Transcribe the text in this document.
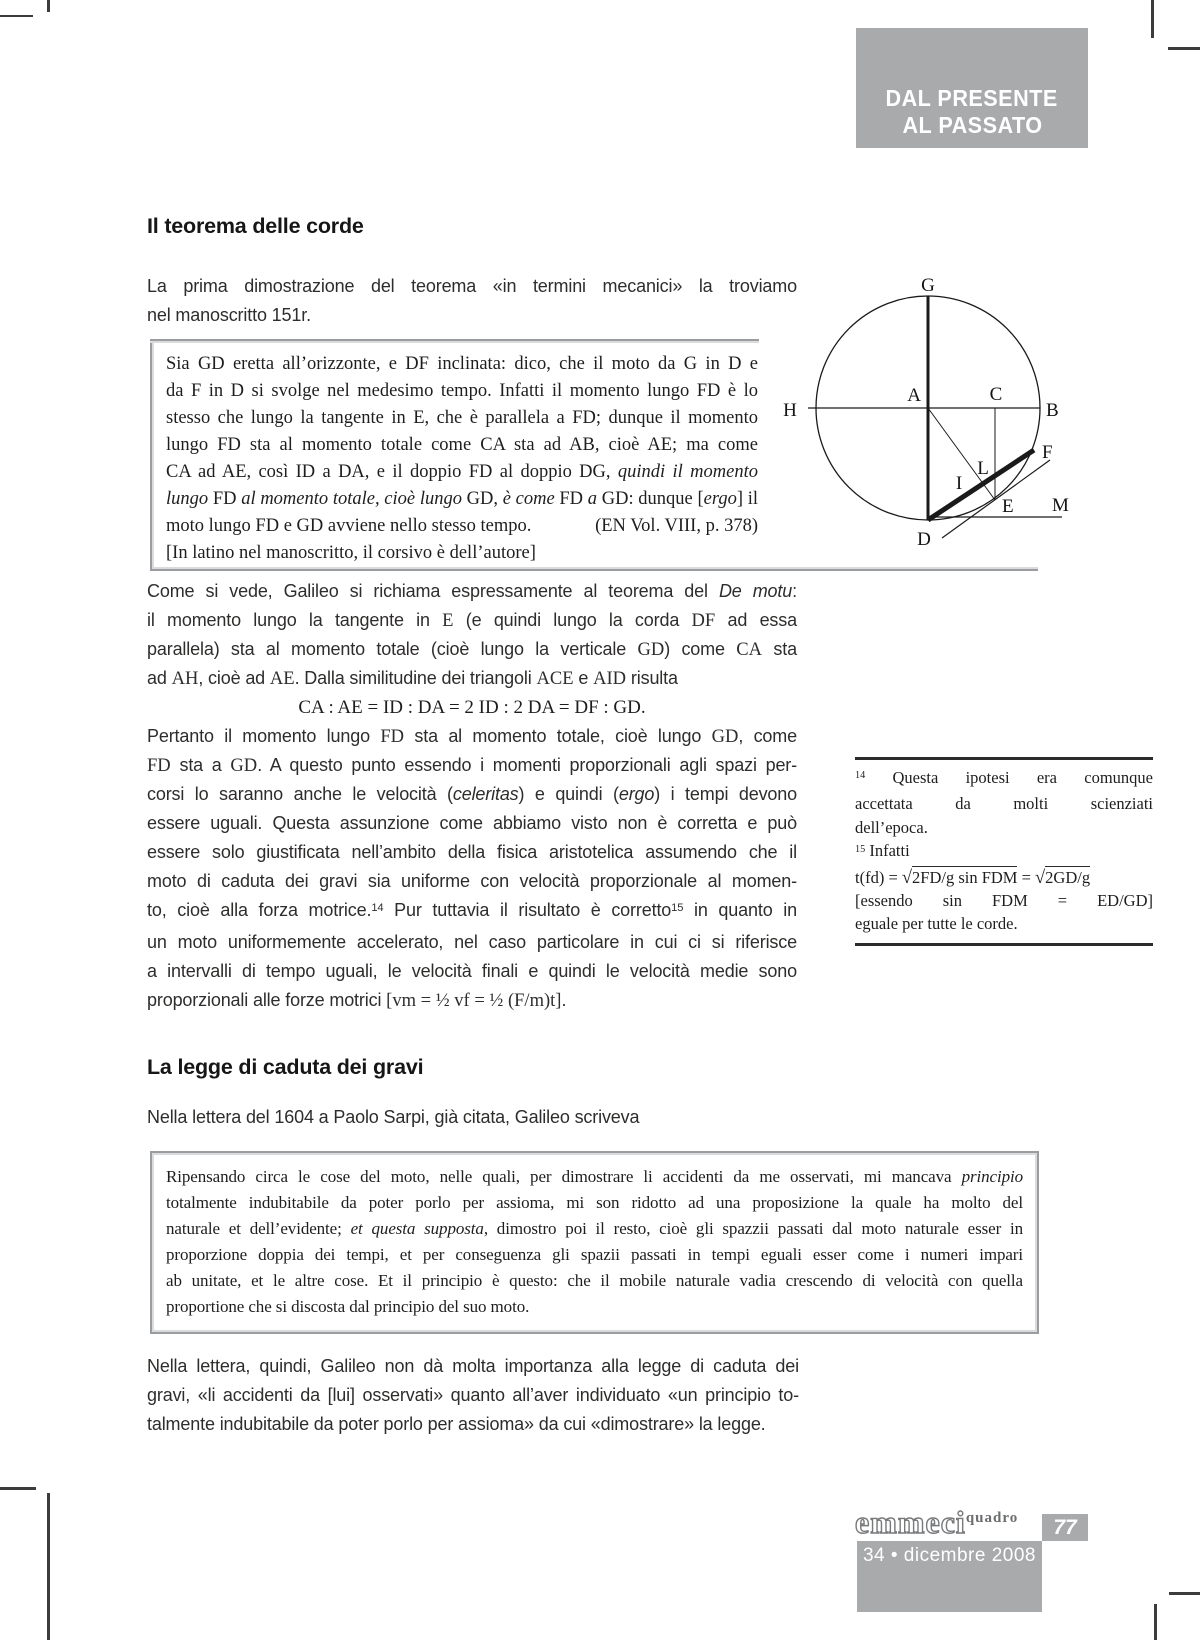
DAL PRESENTE
AL PASSATO
Il teorema delle corde
La prima dimostrazione del teorema «in termini mecanici» la troviamo
nel manoscritto 151r.
Sia GD eretta all’orizzonte, e DF inclinata: dico, che il moto da G in D e
da F in D si svolge nel medesimo tempo. Infatti il momento lungo FD è lo
stesso che lungo la tangente in E, che è parallela a FD; dunque il momento
lungo FD sta al momento totale come CA sta ad AB, cioè AE; ma come
CA ad AE, così ID a DA, e il doppio FD al doppio DG, quindi il momento
lungo FD al momento totale, cioè lungo GD, è come FD a GD: dunque [ergo] il
moto lungo FD e GD avviene nello stesso tempo.	(EN Vol. VIII, p. 378)
[In latino nel manoscritto, il corsivo è dell’autore]
G
H
A	C
B
F
L
I
E M
D
Come si vede, Galileo si richiama espressamente al teorema del De motu:
il momento lungo la tangente in E (e quindi lungo la corda DF ad essa
parallela) sta al momento totale (cioè lungo la verticale GD) come CA sta
ad AH, cioè ad AE. Dalla similitudine dei triangoli ACE e AID risulta
CA : AE = ID : DA = 2 ID : 2 DA = DF : GD.
Pertanto il momento lungo FD sta al momento totale, cioè lungo GD, come
FD sta a GD. A questo punto essendo i momenti proporzionali agli spazi per-
corsi lo saranno anche le velocità (celeritas) e quindi (ergo) i tempi devono
essere uguali. Questa assunzione come abbiamo visto non è corretta e può
essere solo giustificata nell’ambito della fisica aristotelica assumendo che il
moto di caduta dei gravi sia uniforme con velocità proporzionale al momen-
to, cioè alla forza motrice.$^{14}$ Pur tuttavia il risultato è corretto$^{15}$ in quanto in
un moto uniformemente accelerato, nel caso particolare in cui ci si riferisce
a intervalli di tempo uguali, le velocità finali e quindi le velocità medie sono
proporzionali alle forze motrici [vm = ½ vf = ½ (F/m)t].
$^{14}$ Questa ipotesi era comunque
accettata da molti scienziati
dell’epoca.
$^{15}$ Infatti
t(fd) = √2FD/g sin FDM = √2GD/g
[essendo sin FDM = ED/GD]
eguale per tutte le corde.
La legge di caduta dei gravi
Nella lettera del 1604 a Paolo Sarpi, già citata, Galileo scriveva
Ripensando circa le cose del moto, nelle quali, per dimostrare li accidenti da me osservati, mi mancava principio
totalmente indubitabile da poter porlo per assioma, mi son ridotto ad una proposizione la quale ha molto del
naturale et dell’evidente; et questa supposta, dimostro poi il resto, cioè gli spazzii passati dal moto naturale esser in
proporzione doppia dei tempi, et per conseguenza gli spazii passati in tempi eguali esser come i numeri impari
ab unitate, et le altre cose. Et il principio è questo: che il mobile naturale vadia crescendo di velocità con quella
proportione che si discosta dal principio del suo moto.
Nella lettera, quindi, Galileo non dà molta importanza alla legge di caduta dei
gravi, «li accidenti da [lui] osservati» quanto all’aver individuato «un principio to-
talmente indubitabile da poter porlo per assioma» da cui «dimostrare» la legge.
emmeciquadro 77
34 • dicembre 2008
